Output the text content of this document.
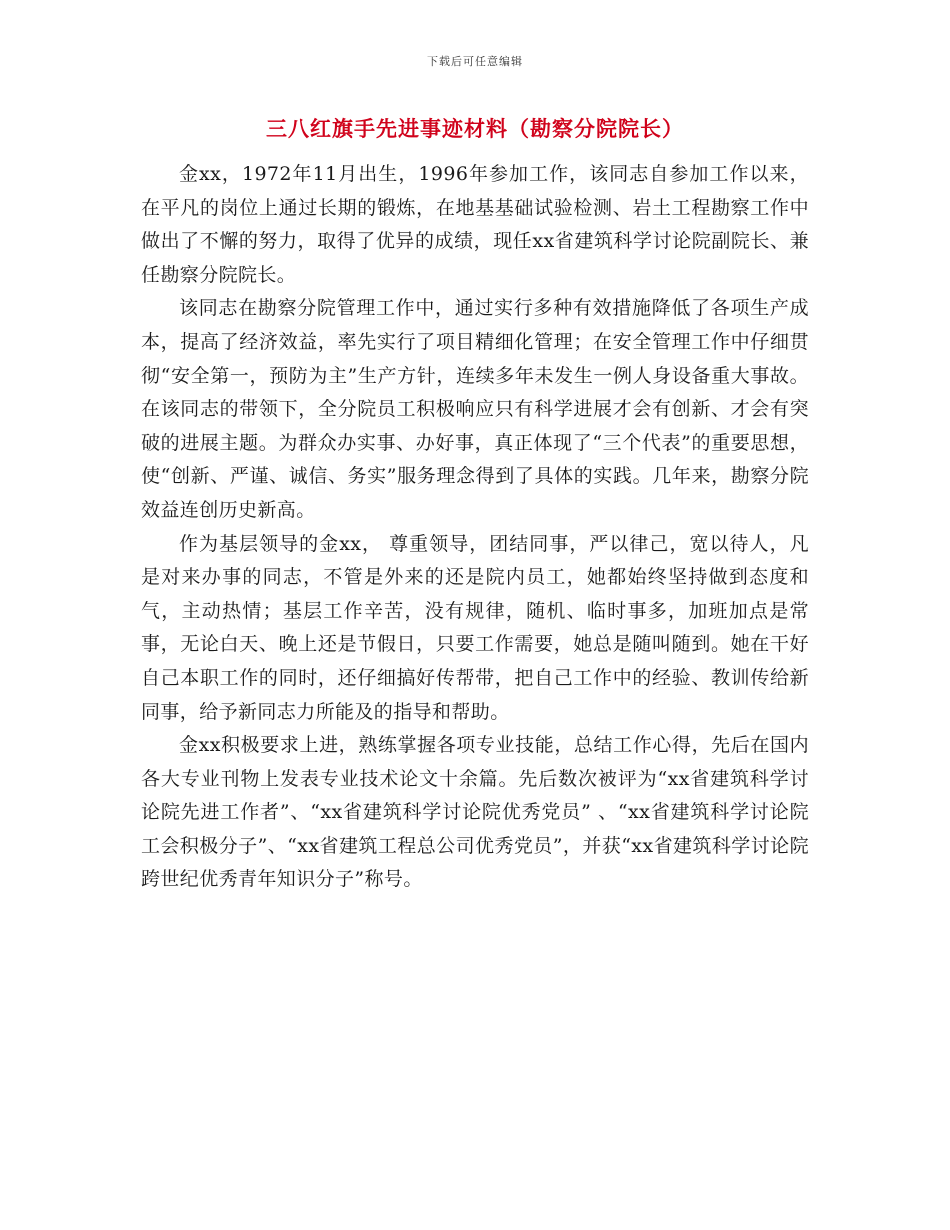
下载后可任意编辑
三八红旗手先进事迹材料（勘察分院院长）

金xx，1972年11月出生，1996年参加工作，该同志自参加工作以来，在平凡的岗位上通过长期的锻炼，在地基基础试验检测、岩土工程勘察工作中做出了不懈的努力，取得了优异的成绩，现任xx省建筑科学讨论院副院长、兼任勘察分院院长。

该同志在勘察分院管理工作中，通过实行多种有效措施降低了各项生产成本，提高了经济效益，率先实行了项目精细化管理；在安全管理工作中仔细贯彻“安全第一，预防为主”生产方针，连续多年未发生一例人身设备重大事故。在该同志的带领下，全分院员工积极响应只有科学进展才会有创新、才会有突破的进展主题。为群众办实事、办好事，真正体现了“三个代表”的重要思想，使“创新、严谨、诚信、务实”服务理念得到了具体的实践。几年来，勘察分院效益连创历史新高。

作为基层领导的金xx， 尊重领导，团结同事，严以律己，宽以待人，凡是对来办事的同志，不管是外来的还是院内员工，她都始终坚持做到态度和气，主动热情；基层工作辛苦，没有规律，随机、临时事多，加班加点是常事，无论白天、晚上还是节假日，只要工作需要，她总是随叫随到。她在干好自己本职工作的同时，还仔细搞好传帮带，把自己工作中的经验、教训传给新同事，给予新同志力所能及的指导和帮助。

金xx积极要求上进，熟练掌握各项专业技能，总结工作心得，先后在国内各大专业刊物上发表专业技术论文十余篇。先后数次被评为“xx省建筑科学讨论院先进工作者”、“xx省建筑科学讨论院优秀党员” 、“xx省建筑科学讨论院工会积极分子”、“xx省建筑工程总公司优秀党员”，并获“xx省建筑科学讨论院跨世纪优秀青年知识分子”称号。
